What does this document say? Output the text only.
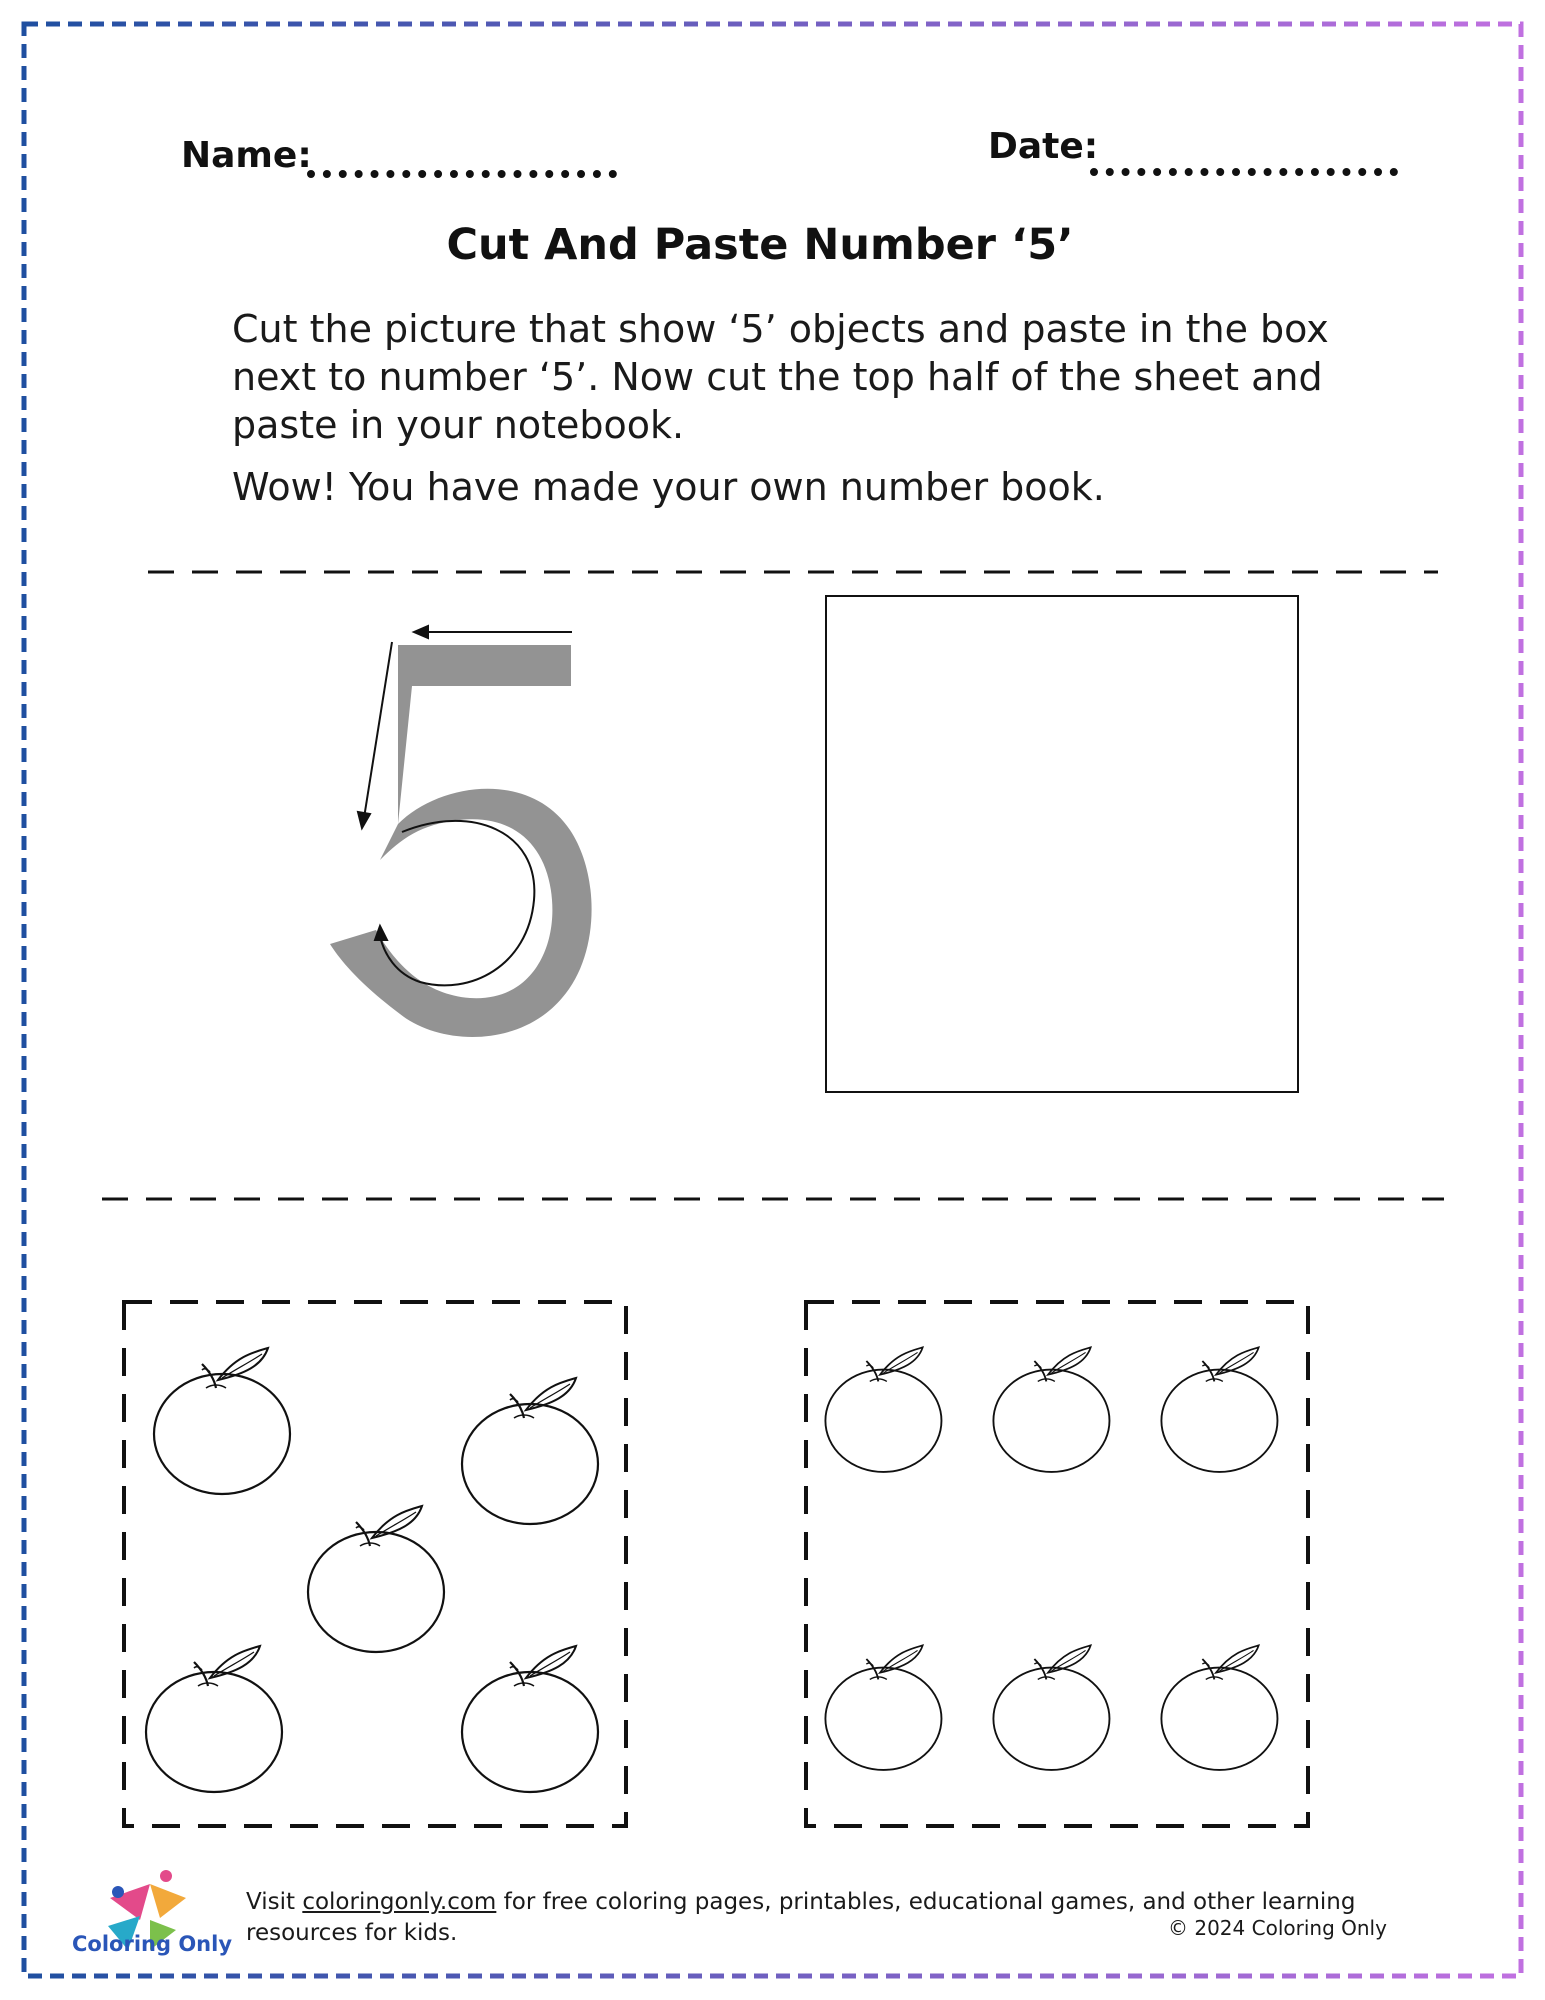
Name:	Date:
Cut And Paste Number ‘5’

Cut the picture that show ‘5’ objects and paste in the box next to number ‘5’. Now cut the top half of the sheet and paste in your notebook.

Wow! You have made your own number book.

Coloring Only
Visit coloringonly.com for free coloring pages, printables, educational games, and other learning resources for kids.	© 2024 Coloring Only
